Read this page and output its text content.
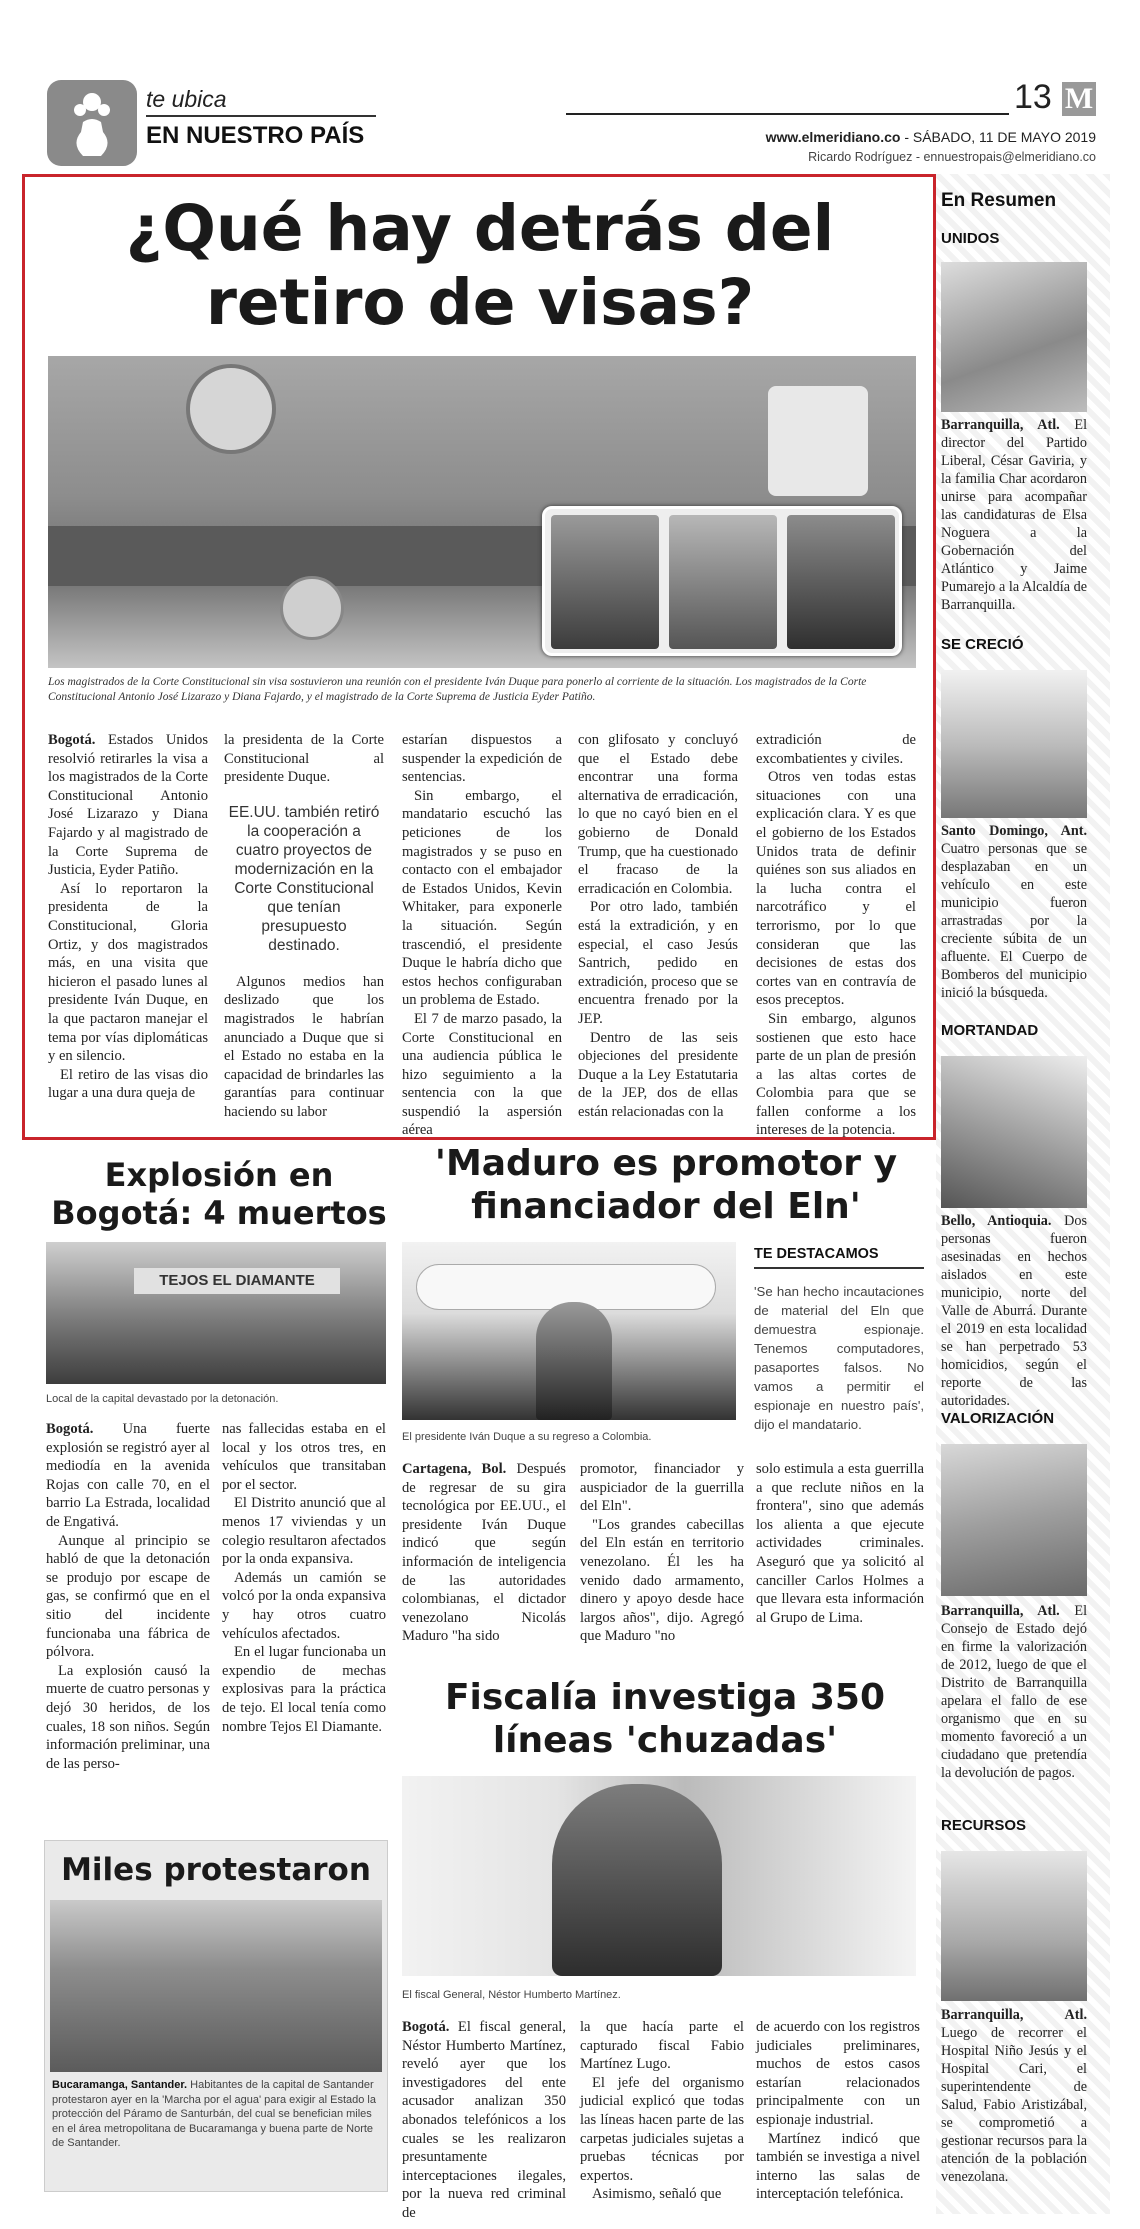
te ubica
EN NUESTRO PAÍS
13 M
www.elmeridiano.co - SÁBADO, 11 DE MAYO 2019
Ricardo Rodríguez - ennuestropais@elmeridiano.co
¿Qué hay detrás del retiro de visas?
Los magistrados de la Corte Constitucional sin visa sostuvieron una reunión con el presidente Iván Duque para ponerlo al corriente de la situación. Los magistrados de la Corte Constitucional Antonio José Lizarazo y Diana Fajardo, y el magistrado de la Corte Suprema de Justicia Eyder Patiño.

Bogotá. Estados Unidos resolvió retirarles la visa a los magistrados de la Corte Constitucional Antonio José Lizarazo y Diana Fajardo y al magistrado de la Corte Suprema de Justicia, Eyder Patiño.

Así lo reportaron la presidenta de la Constitucional, Gloria Ortiz, y dos magistrados más, en una visita que hicieron el pasado lunes al presidente Iván Duque, en la que pactaron manejar el tema por vías diplomáticas y en silencio.

El retiro de las visas dio lugar a una dura queja de

la presidenta de la Corte Constitucional al presidente Duque.

EE.UU. también retiró la cooperación a cuatro proyectos de modernización en la Corte Constitucional que tenían presupuesto destinado.

Algunos medios han deslizado que los magistrados le habrían anunciado a Duque que si el Estado no estaba en la capacidad de brindarles las garantías para continuar haciendo su labor

estarían dispuestos a suspender la expedición de sentencias.

Sin embargo, el mandatario escuchó las peticiones de los magistrados y se puso en contacto con el embajador de Estados Unidos, Kevin Whitaker, para exponerle la situación. Según trascendió, el presidente Duque le habría dicho que estos hechos configuraban un problema de Estado.

El 7 de marzo pasado, la Corte Constitucional en una audiencia pública le hizo seguimiento a la sentencia con la que suspendió la aspersión aérea

con glifosato y concluyó que el Estado debe encontrar una forma alternativa de erradicación, lo que no cayó bien en el gobierno de Donald Trump, que ha cuestionado el fracaso de la erradicación en Colombia.

Por otro lado, también está la extradición, y en especial, el caso Jesús Santrich, pedido en extradición, proceso que se encuentra frenado por la JEP.

Dentro de las seis objeciones del presidente Duque a la Ley Estatutaria de la JEP, dos de ellas están relacionadas con la

extradición de excombatientes y civiles.

Otros ven todas estas situaciones con una explicación clara. Y es que el gobierno de los Estados Unidos trata de definir quiénes son sus aliados en la lucha contra el narcotráfico y el terrorismo, por lo que consideran que las decisiones de estas dos cortes van en contravía de esos preceptos.

Sin embargo, algunos sostienen que esto hace parte de un plan de presión a las altas cortes de Colombia para que se fallen conforme a los intereses de la potencia.

En Resumen
UNIDOS
Barranquilla, Atl. El director del Partido Liberal, César Gaviria, y la familia Char acordaron unirse para acompañar las candidaturas de Elsa Noguera a la Gobernación del Atlántico y Jaime Pumarejo a la Alcaldía de Barranquilla.
SE CRECIÓ
Santo Domingo, Ant. Cuatro personas que se desplazaban en un vehículo en este municipio fueron arrastradas por la creciente súbita de un afluente. El Cuerpo de Bomberos del municipio inició la búsqueda.
MORTANDAD
Bello, Antioquia. Dos personas fueron asesinadas en hechos aislados en este municipio, norte del Valle de Aburrá. Durante el 2019 en esta localidad se han perpetrado 53 homicidios, según el reporte de las autoridades.
VALORIZACIÓN
Barranquilla, Atl. El Consejo de Estado dejó en firme la valorización de 2012, luego de que el Distrito de Barranquilla apelara el fallo de ese organismo que en su momento favoreció a un ciudadano que pretendía la devolución de pagos.
RECURSOS
Barranquilla, Atl. Luego de recorrer el Hospital Niño Jesús y el Hospital Cari, el superintendente de Salud, Fabio Aristizábal, se comprometió a gestionar recursos para la atención de la población venezolana.
Explosión en Bogotá: 4 muertos
TEJOS EL DIAMANTE
Local de la capital devastado por la detonación.

Bogotá. Una fuerte explosión se registró ayer al mediodía en la avenida Rojas con calle 70, en el barrio La Estrada, localidad de Engativá.

Aunque al principio se habló de que la detonación se produjo por escape de gas, se confirmó que en el sitio del incidente funcionaba una fábrica de pólvora.

La explosión causó la muerte de cuatro personas y dejó 30 heridos, de los cuales, 18 son niños. Según información preliminar, una de las perso-

nas fallecidas estaba en el local y los otros tres, en vehículos que transitaban por el sector.

El Distrito anunció que al menos 17 viviendas y un colegio resultaron afectados por la onda expansiva.

Además un camión se volcó por la onda expansiva y hay otros cuatro vehículos afectados.

En el lugar funcionaba un expendio de mechas explosivas para la práctica de tejo. El local tenía como nombre Tejos El Diamante.

Miles protestaron
Bucaramanga, Santander. Habitantes de la capital de Santander protestaron ayer en la 'Marcha por el agua' para exigir al Estado la protección del Páramo de Santurbán, del cual se benefician miles en el área metropolitana de Bucaramanga y buena parte de Norte de Santander.
'Maduro es promotor y financiador del Eln'
El presidente Iván Duque a su regreso a Colombia.
TE DESTACAMOS
'Se han hecho incautaciones de material del Eln que demuestra espionaje. Tenemos computadores, pasaportes falsos. No vamos a permitir el espionaje en nuestro país', dijo el mandatario.

Cartagena, Bol. Después de regresar de su gira tecnológica por EE.UU., el presidente Iván Duque indicó que según información de inteligencia de las autoridades colombianas, el dictador venezolano Nicolás Maduro "ha sido

promotor, financiador y auspiciador de la guerrilla del Eln".

"Los grandes cabecillas del Eln están en territorio venezolano. Él les ha venido dado armamento, dinero y apoyo desde hace largos años", dijo. Agregó que Maduro "no

solo estimula a esta guerrilla a que reclute niños en la frontera", sino que además los alienta a que ejecute actividades criminales. Aseguró que ya solicitó al canciller Carlos Holmes a que llevara esta información al Grupo de Lima.

Fiscalía investiga 350 líneas 'chuzadas'
El fiscal General, Néstor Humberto Martínez.

Bogotá. El fiscal general, Néstor Humberto Martínez, reveló ayer que los investigadores del ente acusador analizan 350 abonados telefónicos a los cuales se les realizaron presuntamente interceptaciones ilegales, por la nueva red criminal de

la que hacía parte el capturado fiscal Fabio Martínez Lugo.

El jefe del organismo judicial explicó que todas las líneas hacen parte de las carpetas judiciales sujetas a pruebas técnicas por expertos.

Asimismo, señaló que

de acuerdo con los registros judiciales preliminares, muchos de estos casos estarían relacionados principalmente con un espionaje industrial.

Martínez indicó que también se investiga a nivel interno las salas de interceptación telefónica.
